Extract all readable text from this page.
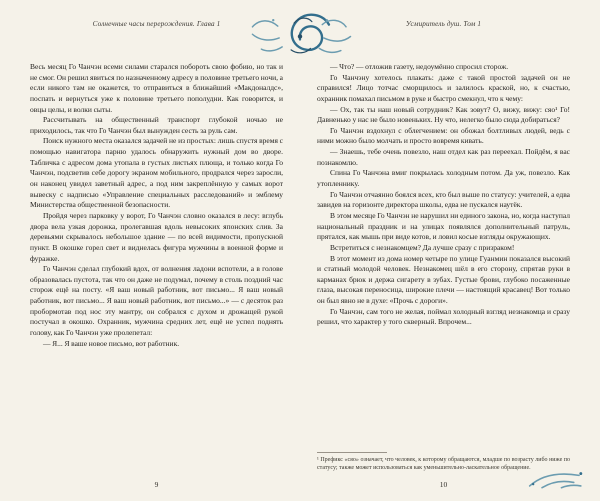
Солнечные часы перерождения. Глава 1

Весь месяц Го Чанчэн всеми силами старался побороть свою фобию, но так и не смог. Он решил явиться по назначенному адресу в половине третьего ночи, а если никого там не окажется, то отправиться в ближайший «Макдоналдс», поспать и вернуться уже к половине третьего пополудни. Как говорится, и овцы целы, и волки сыты.

Рассчитывать на общественный транспорт глубокой ночью не приходилось, так что Го Чанчэн был вынужден сесть за руль сам.

Поиск нужного места оказался задачей не из простых: лишь спустя время с помощью навигатора парню удалось обнаружить нужный дом во дворе. Табличка с адресом дома утопала в густых листьях плюща, и только когда Го Чанчэн, подсветив себе дорогу экраном мобильного, продрался через заросли, он наконец увидел заветный адрес, а под ним закреплённую у самых ворот вывеску с надписью «Управление специальных расследований» и эмблему Министерства общественной безопасности.

Пройдя через парковку у ворот, Го Чанчэн словно оказался в лесу: вглубь двора вела узкая дорожка, пролегавшая вдоль невысоких японских слив. За деревьями скрывалось небольшое здание — по всей видимости, пропускной пункт. В окошке горел свет и виднелась фигура мужчины в военной форме и фуражке.

Го Чанчэн сделал глубокий вдох, от волнения ладони вспотели, а в голове образовалась пустота, так что он даже не подумал, почему в столь поздний час сторож ещё на посту. «Я ваш новый работник, вот письмо... Я ваш новый работник, вот письмо... Я ваш новый работник, вот письмо...» — с десяток раз пробормотав под нос эту мантру, он собрался с духом и дрожащей рукой постучал в окошко. Охранник, мужчина средних лет, ещё не успел поднять голову, как Го Чанчэн уже пролепетал:

— Я... Я ваше новое письмо, вот работник.

9
Усмиритель душ. Том 1

— Что? — отложив газету, недоумённо спросил сторож.

Го Чанчэну хотелось плакать: даже с такой простой задачей он не справился! Лицо тотчас сморщилось и залилось краской, но, к счастью, охранник помахал письмом в руке и быстро смекнул, что к чему:

— Ох, так ты наш новый сотрудник? Как зовут? О, вижу, вижу: сяо¹ Го! Давненько у нас не было новеньких. Ну что, нелегко было сюда добираться?

Го Чанчэн вздохнул с облегчением: он обожал болтливых людей, ведь с ними можно было молчать и просто вовремя кивать.

— Знаешь, тебе очень повезло, наш отдел как раз переехал. Пойдём, я вас познакомлю.

Спина Го Чанчэна вмиг покрылась холодным потом. Да уж, повезло. Как утопленнику.

Го Чанчэн отчаянно боялся всех, кто был выше по статусу: учителей, а едва завидев на горизонте директора школы, едва не пускался наутёк.

В этом месяце Го Чанчэн не нарушил ни единого закона, но, когда наступал национальный праздник и на улицах появлялся дополнительный патруль, прятался, как мышь при виде котов, и ловил косые взгляды окружающих.

Встретиться с незнакомцем? Да лучше сразу с призраком!

В этот момент из дома номер четыре по улице Гуанмин показался высокий и статный молодой человек. Незнакомец шёл в его сторону, спрятав руки в карманах брюк и держа сигарету в зубах. Густые брови, глубоко посаженные глаза, высокая переносица, широкие плечи — настоящий красавец! Вот только он был явно не в духе: «Прочь с дороги».

Го Чанчэн, сам того не желая, поймал холодный взгляд незнакомца и сразу решил, что характер у того скверный. Впрочем...

¹ Префикс «сяо» означает, что человек, к которому обращаются, младше по возрасту либо ниже по статусу; также может использоваться как уменьшительно-ласкательное обращение.
10
